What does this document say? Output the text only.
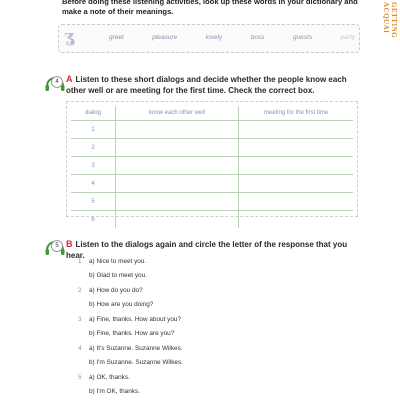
Before doing these listening activities, look up these words in your dictionary and make a note of their meanings.
ʓ	greet	pleasure	lovely	boss	guests	party	GETTING ACQUAI
4 A Listen to these short dialogs and decide whether the people know each other well or are meeting for the first time. Check the correct box.
dialog	know each other well	meeting for the first time
1		
2		
3		
4		
5		
6		
5 B Listen to the dialogs again and circle the letter of the response that you hear.
1 a) Nice to meet you.
b) Glad to meet you.
2 a) How do you do?
b) How are you doing?
3 a) Fine, thanks. How about you?
b) Fine, thanks. How are you?
4 a) It's Suzanne. Suzanne Wilkes.
b) I'm Suzanne. Suzanne Wilkes.
5 a) OK, thanks.
b) I'm OK, thanks.
